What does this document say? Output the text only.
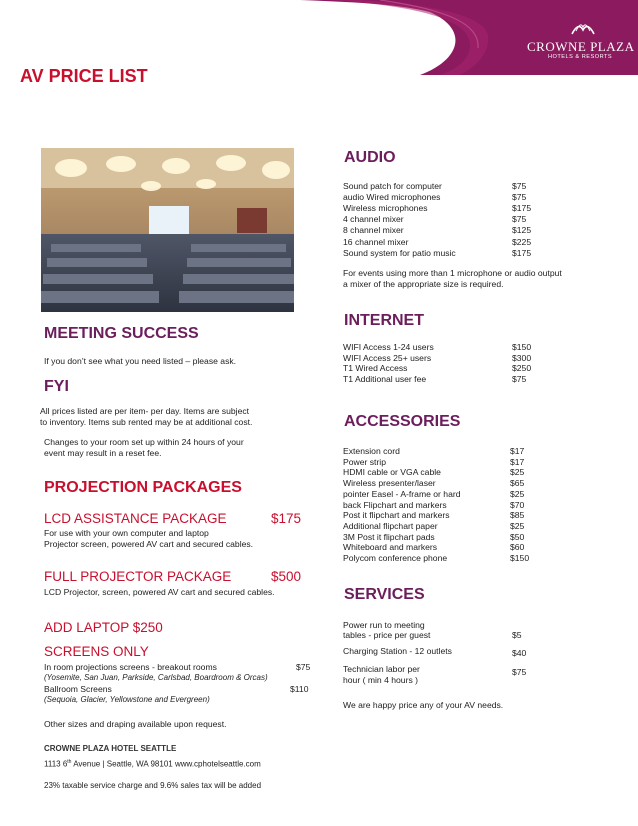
CROWNE PLAZA
HOTELS & RESORTS
AV PRICE LIST
MEETING SUCCESS
If you don’t see what you need listed – please ask.
FYI
All prices listed are per item- per day. Items are subject
to inventory. Items sub rented may be at additional cost.
Changes to your room set up within 24 hours of your
event may result in a reset fee.
PROJECTION PACKAGES
LCD ASSISTANCE PACKAGE	$175
For use with your own computer and laptop
Projector screen, powered AV cart and secured cables.
FULL PROJECTOR PACKAGE	$500
LCD Projector, screen, powered AV cart and secured cables.
ADD LAPTOP $250
SCREENS ONLY
In room projections screens - breakout rooms	$75
(Yosemite, San Juan, Parkside, Carlsbad, Boardroom & Orcas)
Ballroom Screens	$110
(Sequoia, Glacier, Yellowstone and Evergreen)
Other sizes and draping available upon request.
CROWNE PLAZA HOTEL SEATTLE
1113 6th Avenue | Seattle, WA 98101 www.cphotelseattle.com
23% taxable service charge and 9.6% sales tax will be added
AUDIO
Sound patch for computer	$75
audio Wired microphones	$75
Wireless microphones	$175
4 channel mixer	$75
8 channel mixer	$125
16 channel mixer	$225
Sound system for patio music	$175
For events using more than 1 microphone or audio output
a mixer of the appropriate size is required.
INTERNET
WIFI Access 1-24 users	$150
WIFI Access 25+ users	$300
T1 Wired Access	$250
T1 Additional user fee	$75
ACCESSORIES
Extension cord	$17
Power strip	$17
HDMI cable or VGA cable	$25
Wireless presenter/laser	$65
pointer Easel - A-frame or hard	$25
back Flipchart and markers	$70
Post it flipchart and markers	$85
Additional flipchart paper	$25
3M Post it flipchart pads	$50
Whiteboard and markers	$60
Polycom conference phone	$150
SERVICES
Power run to meeting
tables - price per guest	$5
Charging Station - 12 outlets	$40
Technician labor per
hour ( min 4 hours )
$75
We are happy price any of your AV needs.
